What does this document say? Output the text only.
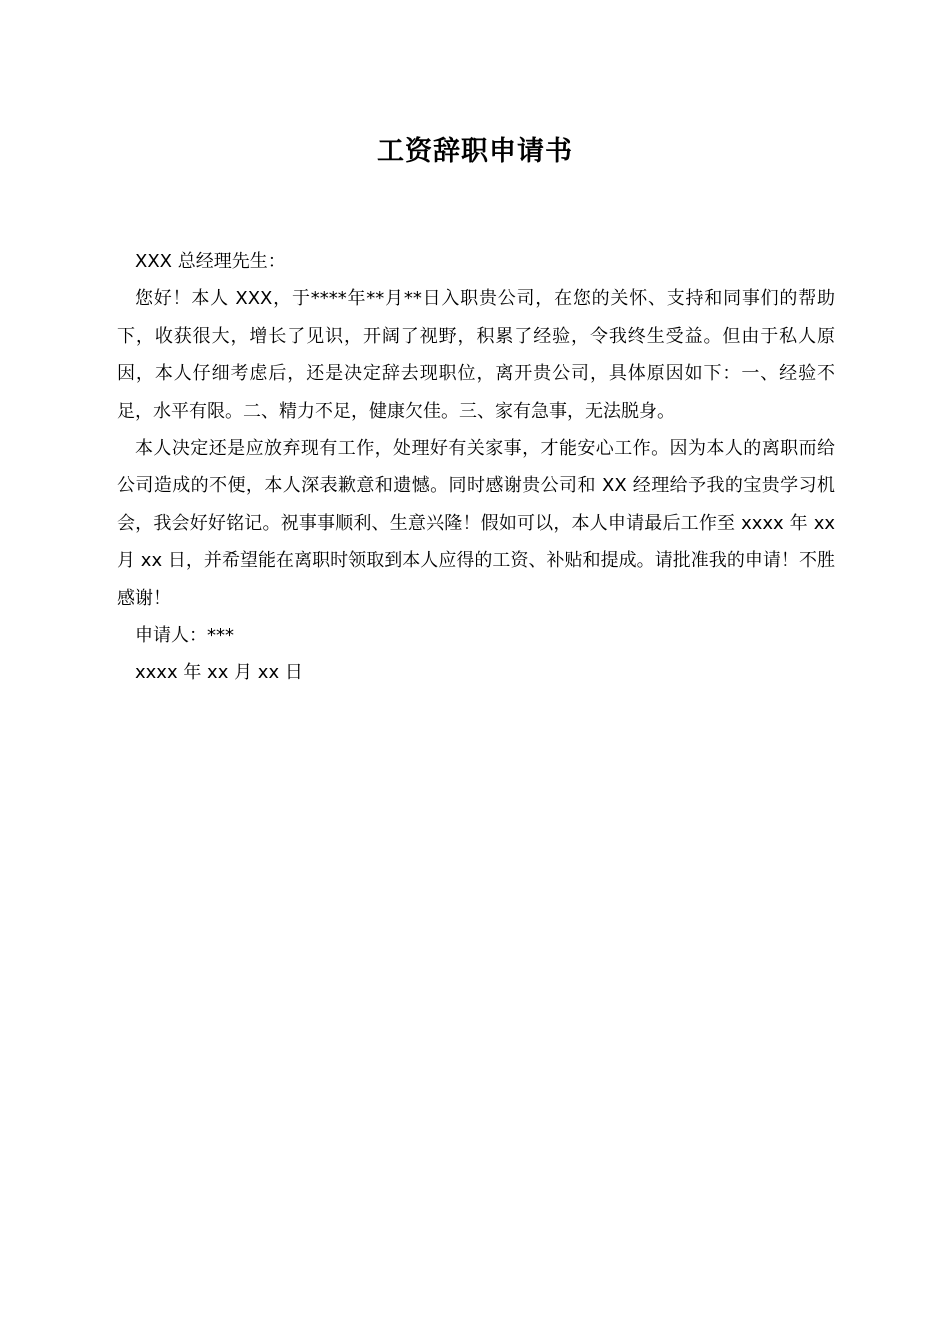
工资辞职申请书

XXX 总经理先生：

您好！本人 XXX，于****年**月**日入职贵公司，在您的关怀、支持和同事们的帮助下，收获很大，增长了见识，开阔了视野，积累了经验，令我终生受益。但由于私人原因，本人仔细考虑后，还是决定辞去现职位，离开贵公司，具体原因如下：一、经验不足，水平有限。二、精力不足，健康欠佳。三、家有急事，无法脱身。

本人决定还是应放弃现有工作，处理好有关家事，才能安心工作。因为本人的离职而给公司造成的不便，本人深表歉意和遗憾。同时感谢贵公司和 XX 经理给予我的宝贵学习机会，我会好好铭记。祝事事顺利、生意兴隆！假如可以，本人申请最后工作至 xxxx 年 xx 月 xx 日，并希望能在离职时领取到本人应得的工资、补贴和提成。请批准我的申请！不胜感谢！

申请人：***

xxxx 年 xx 月 xx 日
